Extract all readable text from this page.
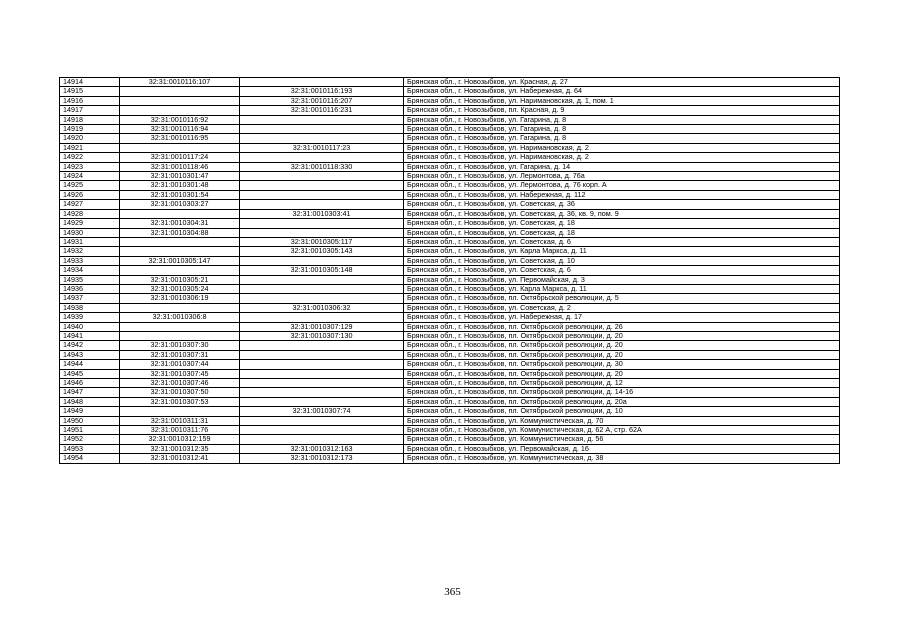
14914	32:31:0010116:107		Брянская обл., г. Новозыбков, ул. Красная, д. 27
14915		32:31:0010116:193	Брянская обл., г. Новозыбков, ул. Набережная, д. 64
14916		32:31:0010116:207	Брянская обл., г. Новозыбков, ул. Наримановская, д. 1, пом. 1
14917		32:31:0010116:231	Брянская обл., г. Новозыбков, пл. Красная, д. 9
14918	32:31:0010116:92		Брянская обл., г. Новозыбков, ул. Гагарина, д. 8
14919	32:31:0010116:94		Брянская обл., г. Новозыбков, ул. Гагарина, д. 8
14920	32:31:0010116:95		Брянская обл., г. Новозыбков, ул. Гагарина, д. 8
14921		32:31:0010117:23	Брянская обл., г. Новозыбков, ул. Наримановская, д. 2
14922	32:31:0010117:24		Брянская обл., г. Новозыбков, ул. Наримановская, д. 2
14923	32:31:0010118:46	32:31:0010118:330	Брянская обл., г. Новозыбков, ул. Гагарина, д. 14
14924	32:31:0010301:47		Брянская обл., г. Новозыбков, ул. Лермонтова, д. 76а
14925	32:31:0010301:48		Брянская обл., г. Новозыбков, ул. Лермонтова, д. 76 корп. А
14926	32:31:0010301:54		Брянская обл., г. Новозыбков, ул. Набережная, д. 112
14927	32:31:0010303:27		Брянская обл., г. Новозыбков, ул. Советская, д. 36
14928		32:31:0010303:41	Брянская обл., г. Новозыбков, ул. Советская, д. 36, кв. 9, пом. 9
14929	32:31:0010304:31		Брянская обл., г. Новозыбков, ул. Советская, д. 18
14930	32:31:0010304:88		Брянская обл., г. Новозыбков, ул. Советская, д. 18
14931		32:31:0010305:117	Брянская обл., г. Новозыбков, ул. Советская, д. 6
14932		32:31:0010305:143	Брянская обл., г. Новозыбков, ул. Карла Маркса, д. 11
14933	32:31:0010305:147		Брянская обл., г. Новозыбков, ул. Советская, д. 10
14934		32:31:0010305:148	Брянская обл., г. Новозыбков, ул. Советская, д. 6
14935	32:31:0010305:21		Брянская обл., г. Новозыбков, ул. Первомайская, д. 3
14936	32:31:0010305:24		Брянская обл., г. Новозыбков, ул. Карла Маркса, д. 11
14937	32:31:0010306:19		Брянская обл., г. Новозыбков, пл. Октябрьской революции, д. 5
14938		32:31:0010306:32	Брянская обл., г. Новозыбков, ул. Советская, д. 2
14939	32:31:0010306:8		Брянская обл., г. Новозыбков, ул. Набережная, д. 17
14940		32:31:0010307:129	Брянская обл., г. Новозыбков, пл. Октябрьской революции, д. 26
14941		32:31:0010307:130	Брянская обл., г. Новозыбков, пл. Октябрьской революции, д. 20
14942	32:31:0010307:30		Брянская обл., г. Новозыбков, пл. Октябрьской революции, д. 20
14943	32:31:0010307:31		Брянская обл., г. Новозыбков, пл. Октябрьской революции, д. 20
14944	32:31:0010307:44		Брянская обл., г. Новозыбков, пл. Октябрьской революции, д. 30
14945	32:31:0010307:45		Брянская обл., г. Новозыбков, пл. Октябрьской революции, д. 20
14946	32:31:0010307:46		Брянская обл., г. Новозыбков, пл. Октябрьской революции, д. 12
14947	32:31:0010307:50		Брянская обл., г. Новозыбков, пл. Октябрьской революции, д. 14-16
14948	32:31:0010307:53		Брянская обл., г. Новозыбков, пл. Октябрьской революции, д. 20а
14949		32:31:0010307:74	Брянская обл., г. Новозыбков, пл. Октябрьской революции, д. 10
14950	32:31:0010311:31		Брянская обл., г. Новозыбков, ул. Коммунистическая, д. 70
14951	32:31:0010311:76		Брянская обл., г. Новозыбков, ул. Коммунистическая, д. 62 А, стр. 62А
14952	32:31:0010312:159		Брянская обл., г. Новозыбков, ул. Коммунистическая, д. 56
14953	32:31:0010312:35	32:31:0010312:163	Брянская обл., г. Новозыбков, ул. Первомайская, д. 16
14954	32:31:0010312:41	32:31:0010312:173	Брянская обл., г. Новозыбков, ул. Коммунистическая, д. 38
365
